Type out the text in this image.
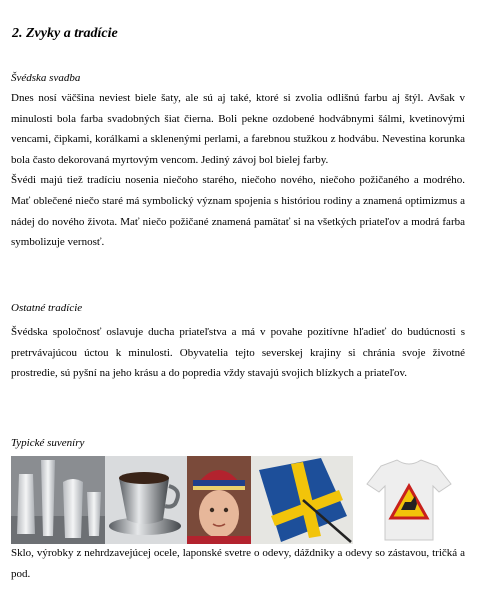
2. Zvyky a tradície

Švédska svadba

Dnes nosí väčšina neviest biele šaty, ale sú aj také, ktoré si zvolia odlišnú farbu aj štýl. Avšak v minulosti bola farba svadobných šiat čierna. Boli pekne ozdobené hodvábnymi šálmi, kvetinovými vencami, čipkami, korálkami a sklenenými perlami, a farebnou stužkou z hodvábu. Nevestina korunka bola často dekorovaná myrtovým vencom. Jediný závoj bol bielej farby.
Švédi majú tiež tradíciu nosenia niečoho starého, niečoho nového, niečoho požičaného a modrého. Mať oblečené niečo staré má symbolický význam spojenia s históriou rodiny a znamená optimizmus a nádej do nového života. Mať niečo požičané znamená pamätať si na všetkých priateľov a modrá farba symbolizuje vernosť.

Ostatné tradície

Švédska spoločnosť oslavuje ducha priateľstva a má v povahe pozitívne hľadieť do budúcnosti s pretrvávajúcou úctou k minulosti. Obyvatelia tejto severskej krajiny si chránia svoje životné prostredie, sú pyšní na jeho krásu a do popredia vždy stavajú svojich blízkych a priateľov.

Typické suveníry

Sklo, výrobky z nehrdzavejúcej ocele, laponské svetre o odevy, dáždniky a odevy so zástavou, tričká a pod.
